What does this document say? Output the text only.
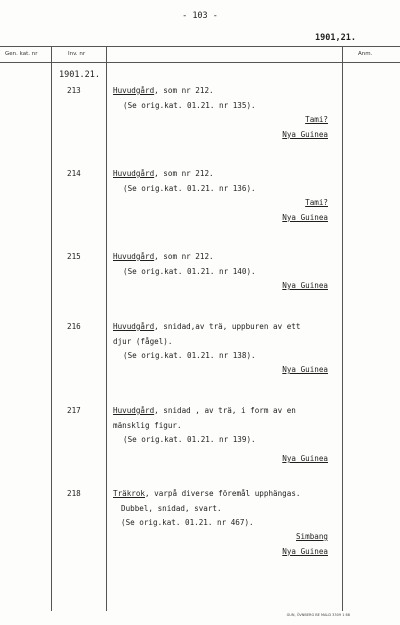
- 103 -
1901,21.
Gen. kat. nr	Inv. nr	Anm.
1901.21.
213	Huvudgård, som nr 212.
(Se orig.kat. 01.21. nr 135).
Tami?
Nya Guinea
214	Huvudgård, som nr 212.
(Se orig.kat. 01.21. nr 136).
Tami?
Nya Guinea
215	Huvudgård, som nr 212.
(Se orig.kat. 01.21. nr 140).
Nya Guinea
216	Huvudgård, snidad,av trä, uppburen av ett
djur (fågel).
(Se orig.kat. 01.21. nr 138).
Nya Guinea
217	Huvudgård, snidad , av trä, i form av en
mänsklig figur.
(Se orig.kat. 01.21. nr 139).
Nya Guinea
218	Träkrok, varpå diverse föremål upphängas.
Dubbel, snidad, svart.
(Se orig.kat. 01.21. nr 467).
Simbang
Nya Guinea
GUN, ÖVNBERG BE MALD 3309 1 68
